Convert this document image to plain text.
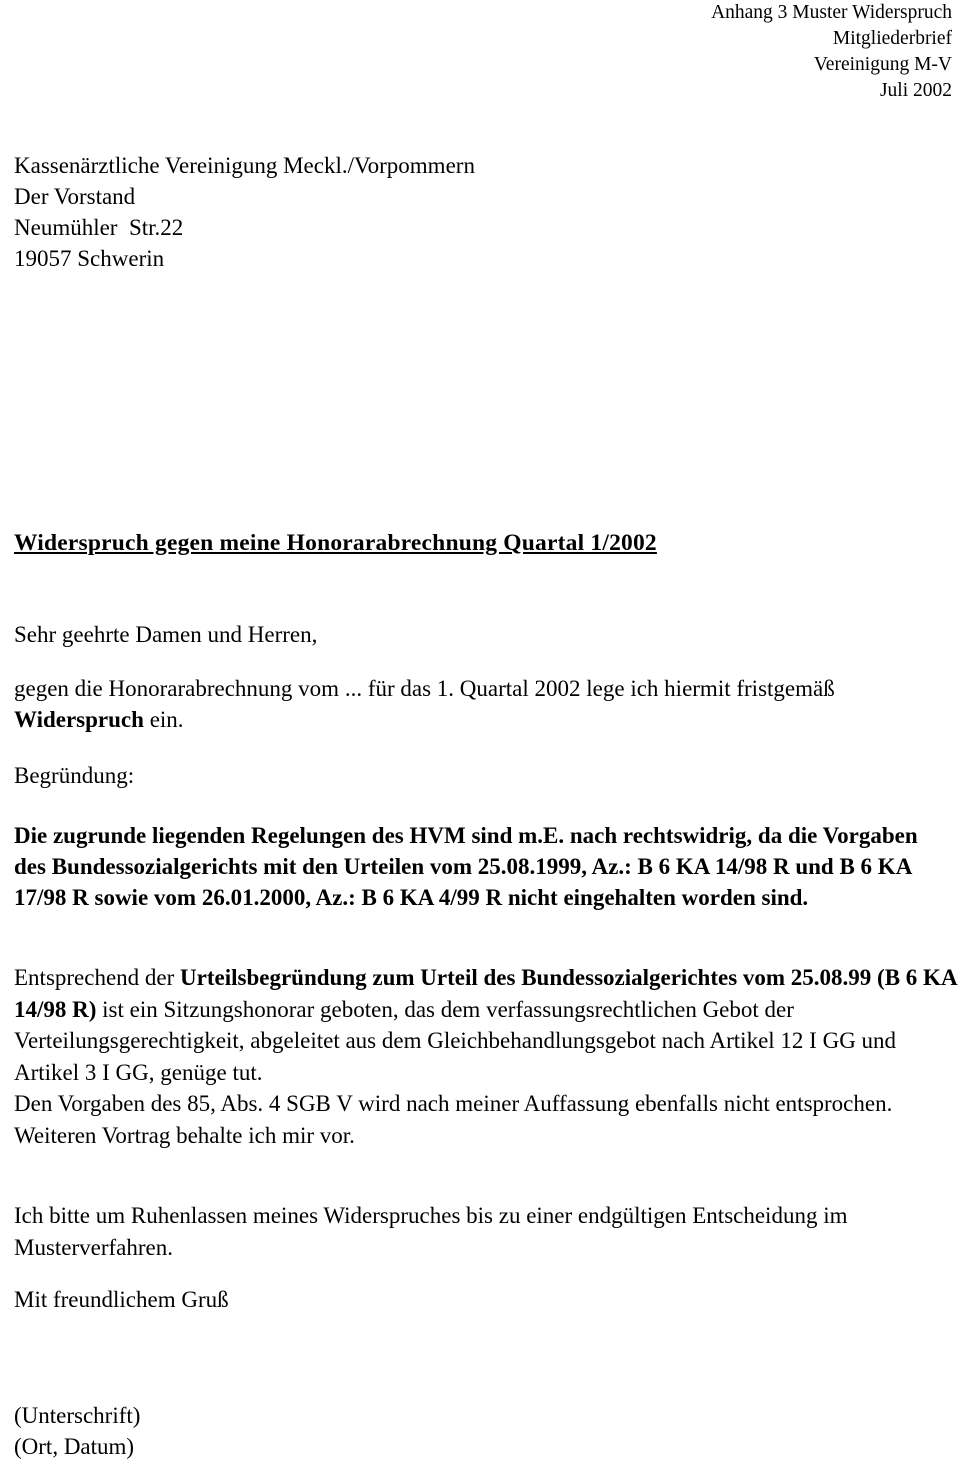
Anhang 3 Muster Widerspruch
Mitgliederbrief
Vereinigung M-V
Juli 2002
Kassenärztliche Vereinigung Meckl./Vorpommern
Der Vorstand
Neumühler  Str.22
19057 Schwerin
Widerspruch gegen meine Honorarabrechnung Quartal 1/2002
Sehr geehrte Damen und Herren,
gegen die Honorarabrechnung vom ... für das 1. Quartal 2002 lege ich hiermit fristgemäß Widerspruch ein.
Begründung:
Die zugrunde liegenden Regelungen des HVM sind m.E. nach rechtswidrig, da die Vorgaben des Bundessozialgerichts mit den Urteilen vom 25.08.1999, Az.: B 6 KA 14/98 R und B 6 KA 17/98 R sowie vom 26.01.2000, Az.: B 6 KA 4/99 R nicht eingehalten worden sind.
Entsprechend der Urteilsbegründung zum Urteil des Bundessozialgerichtes vom 25.08.99 (B 6 KA 14/98 R) ist ein Sitzungshonorar geboten, das dem verfassungsrechtlichen Gebot der Verteilungsgerechtigkeit, abgeleitet aus dem Gleichbehandlungsgebot nach Artikel 12 I GG und Artikel 3 I GG, genüge tut.
Den Vorgaben des 85, Abs. 4 SGB V wird nach meiner Auffassung ebenfalls nicht entsprochen.
Weiteren Vortrag behalte ich mir vor.
Ich bitte um Ruhenlassen meines Widerspruches bis zu einer endgültigen Entscheidung im Musterverfahren.
Mit freundlichem Gruß
(Unterschrift)
(Ort, Datum)
